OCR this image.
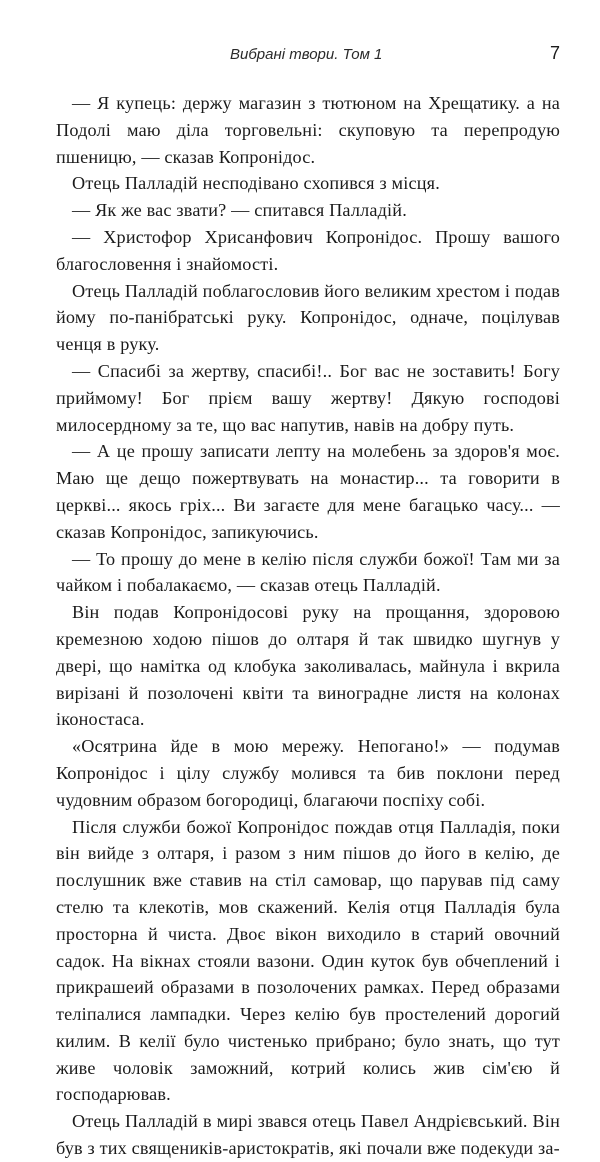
Вибрані твори. Том 1	7

— Я купець: держу магазин з тютюном на Хрещатику. а на Подолі маю діла торговельні: скуповую та перепродую пшеницю, — сказав Копронідос.

Отець Палладій несподівано схопився з місця.

— Як же вас звати? — спитався Палладій.

— Христофор Хрисанфович Копронідос. Прошу вашого благословення і знайомості.

Отець Палладій поблагословив його великим хрестом і подав йому по-панібратські руку. Копронідос, одначе, поцілував ченця в руку.

— Спасибі за жертву, спасибі!.. Бог вас не зоставить! Богу приймому! Бог прієм вашу жертву! Дякую господові милосердному за те, що вас напутив, навів на добру путь.

— А це прошу записати лепту на молебень за здоров'я моє. Маю ще дещо пожертвувать на монастир... та говорити в церкві... якось гріх... Ви загаєте для мене багацько часу... — сказав Копронідос, запикуючись.

— То прошу до мене в келію після служби божої! Там ми за чайком і побалакаємо, — сказав отець Палладій.

Він подав Копронідосові руку на прощання, здоровою кремезною ходою пішов до олтаря й так швидко шугнув у двері, що намітка од клобука заколивалась, майнула і вкрила вирізані й позолочені квіти та виноградне листя на колонах іконостаса.

«Осятрина йде в мою мережу. Непогано!» — подумав Копронідос і цілу службу молився та бив поклони перед чудовним образом богородиці, благаючи поспіху собі.

Після служби божої Копронідос пождав отця Палладія, поки він вийде з олтаря, і разом з ним пішов до його в келію, де послушник вже ставив на стіл самовар, що парував під саму стелю та клекотів, мов скажений. Келія отця Палладія була просторна й чиста. Двоє вікон виходило в старий овочний садок. На вікнах стояли вазони. Один куток був обчеплений і прикрашеий образами в позолочених рамках. Перед образами теліпалися лампадки. Через келію був простелений дорогий килим. В келії було чистенько прибрано; було знать, що тут живе чоловік заможний, котрий колись жив сім'єю й господарював.

Отець Палладій в мирі звався отець Павел Андрієвський. Він був з тих священиків-аристократів, які почали вже подекуди за-
